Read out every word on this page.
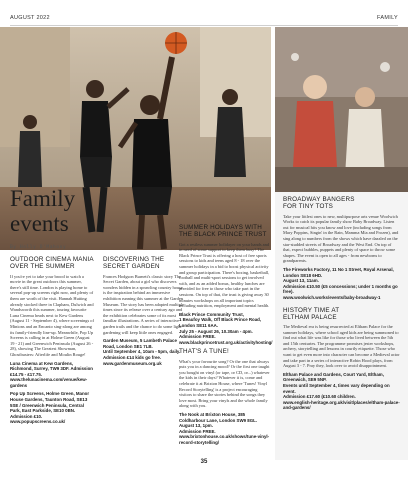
AUGUST 2022	FAMILY
Family
events
By Holly O'Mahony
OUTDOOR CINEMA MANIA
OVER THE SUMMER
If you're yet to take your brood to watch a movie in the great outdoors this summer, there's still time. London is playing home to several pop-up screens right now, and plenty of them are worth of the visit. Hannah Hutting already stocked three in Clapham, Dulwich and Wandsworth this summer, touring favourite Luna Cinema heads next to Kew Gardens (August 11 - September 4), where screenings of Minions and an Encanto sing-along are among its family-friendly line-up. Meanwhile, Pop Up Screens is calling in at Holme Green (August 19 - 21) and Greenwich Peninsula (August 26 - 28), showing The Greatest Showman, Ghostbusters: Afterlife and Moulin Rouge!
Luna Cinema at Kew Gardens, Richmond, Surrey, TW9 3DF. Admission £14.75 - £17.75.
www.thelunacinema.com/venue/kew-gardens
Pop Up Screens, Holme Green, Manor House Gardens, Taunton Road, SE13 5SE / Greenwich Peninsula, Central Park, East Parkside, SE10 0BN.
Admission £10.
www.popupscreens.co.uk/
DISCOVERING THE
SECRET GARDEN
Frances Hodgson Burnett's classic story The Secret Garden, about a girl who discovers wonders hidden in a sprawling country house, is the inspiration behind an immersive exhibition running this summer at the Garden Museum. The story has been adapted multiple times since its release over a century ago and the exhibition celebrates some of its most familiar illustrations. A series of interactive garden trails and the chance to do some light gardening will keep little ones engaged.
Garden Museum, 5 Lambeth Palace Road, London SE1 7LB.
Until September 4, 10am - 5pm, daily.
Admission £14 kids go free.
www.gardenmuseum.org.uk
SUMMER HOLIDAYS WITH
THE BLACK PRINCE TRUST
Got a restless summer holidayer on your hands and in need of some support to keep them busy? The Black Prince Trust is offering a host of free sports sessions to kids and teens aged 8 - 18 over the summer holidays in a bid to boost physical activity and group participation. There's boxing, basketball, football and multi-sport sessions to get involved with, and as an added bonus, healthy lunches are provided for free to those who take part in the sessions. On top of that, the trust is giving away 30 minutes workshops on all important topics including nutrition, employment and mental health.
Black Prince Community Trust,
1 Beaufoy Walk, Off Black Prince Road,
London SE11 6AA.
July 25 - August 26, 10.30am - 4pm.
Admission FREE.
www.blackprincetrust.org.uk/activityhosting/
THAT'S A TUNE!
What's your favourite song? Or the one that always puts you in a dancing mood? Or the first one taught you bought on vinyl (or tape, or CD, or...) whatever the kids in their days? Whatever it is, come and celebrate it at Brixton House, where 'Tunes! Vinyl Record Storytelling' is a project encouraging visitors to share the stories behind the songs they love most. Bring your vinyls and the whole family along with you.
The Nook at Brixton House, 385 Coldharbour Lane, London SW9 8GL. August 13, 1pm.
Admission FREE. www.brixtonhouse.co.uk/shows/tune-vinyl-record-storytelling/
BROADWAY BANGERS
FOR TINY TOTS
Take your littlest ones to new, multipurpose arts venue Woolwich Works to catch its popular family show Baby Broadway. Listen out for musical hits you know and love (including songs from Mary Poppins, Singin' in the Rain, Mamma Mia and Frozen), and sing along to numbers from the shows which have dazzled on the star-studded streets of Broadway and the West End. On top of that, expect bubbles, puppets and plenty of space to throw some shapes. The event is open to all ages - from newborns to grandparents.
The Fireworks Factory, 11 No 1 Street, Royal Arsenal, London SE18 6HD.
August 13, 11am.
Admission £10.50 (£5 concessions; under 1 months go free).
www.woolwich.works/events/baby-broadway-1
HISTORY TIME AT
ELTHAM PALACE
The Medieval era is being resurrected at Eltham Palace for the summer holidays, where school aged kids are being summoned to find out what life was like for those who lived between the 5th and 15th centuries. The programme promises jester workshops, archery, storytelling and lessons in courtly etiquette. Those who want to get even more into character can become a Medieval actor and take part in a series of interactive Robin Hood plays, from August 3 - 7. Pray they, look over to avoid disappointment.
Eltham Palace and Gardens, Court Yard, Eltham, Greenwich, SE9 5NP.
Events until September 4, times vary depending on event.
Admission £17.60 (£10.60 children.
www.english-heritage.org.uk/visit/places/eltham-palace-and-gardens/
35
